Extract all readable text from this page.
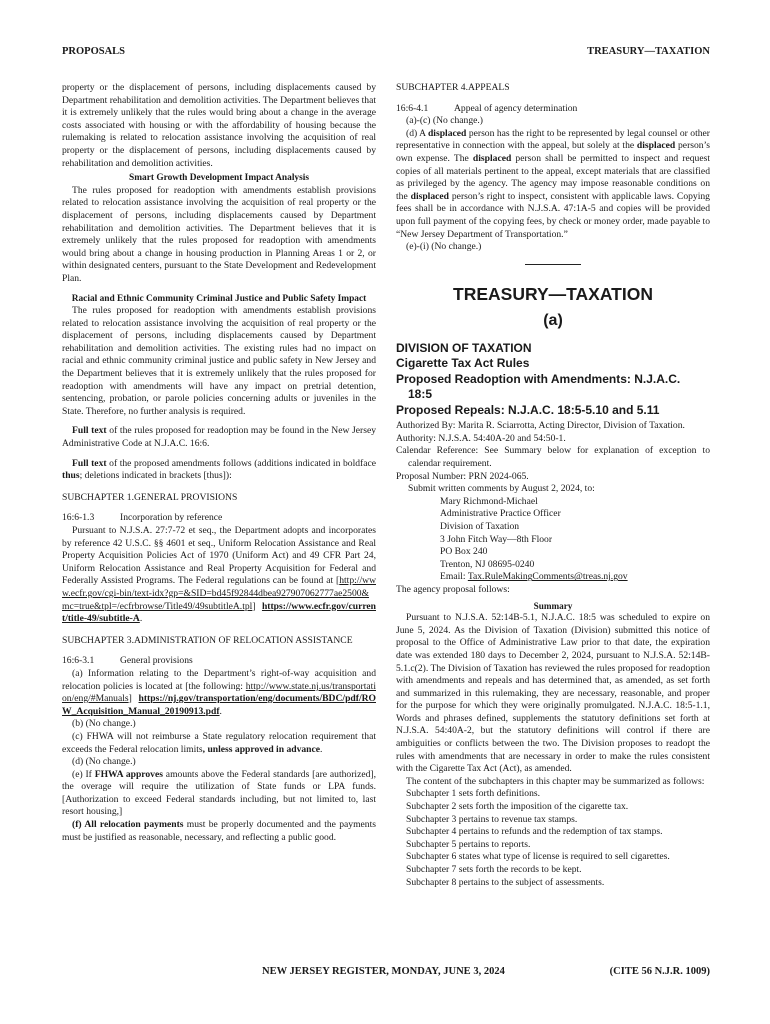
PROPOSALS	TREASURY—TAXATION

property or the displacement of persons, including displacements caused by Department rehabilitation and demolition activities. The Department believes that it is extremely unlikely that the rules would bring about a change in the average costs associated with housing or with the affordability of housing because the rulemaking is related to relocation assistance involving the acquisition of real property or the displacement of persons, including displacements caused by rehabilitation and demolition activities.

Smart Growth Development Impact Analysis

The rules proposed for readoption with amendments establish provisions related to relocation assistance involving the acquisition of real property or the displacement of persons, including displacements caused by Department rehabilitation and demolition activities. The Department believes that it is extremely unlikely that the rules proposed for readoption with amendments would bring about a change in housing production in Planning Areas 1 or 2, or within designated centers, pursuant to the State Development and Redevelopment Plan.

Racial and Ethnic Community Criminal Justice and Public Safety Impact

The rules proposed for readoption with amendments establish provisions related to relocation assistance involving the acquisition of real property or the displacement of persons, including displacements caused by Department rehabilitation and demolition activities. The existing rules had no impact on racial and ethnic community criminal justice and public safety in New Jersey and the Department believes that it is extremely unlikely that the rules proposed for readoption with amendments will have any impact on pretrial detention, sentencing, probation, or parole policies concerning adults or juveniles in the State. Therefore, no further analysis is required.

Full text of the rules proposed for readoption may be found in the New Jersey Administrative Code at N.J.A.C. 16:6.

Full text of the proposed amendments follows (additions indicated in boldface thus; deletions indicated in brackets [thus]):

SUBCHAPTER 1.GENERAL PROVISIONS
16:6-1.3	Incorporation by reference

Pursuant to N.J.S.A. 27:7-72 et seq., the Department adopts and incorporates by reference 42 U.S.C. §§ 4601 et seq., Uniform Relocation Assistance and Real Property Acquisition Policies Act of 1970 (Uniform Act) and 49 CFR Part 24, Uniform Relocation Assistance and Real Property Acquisition for Federal and Federally Assisted Programs. The Federal regulations can be found at [http://www.ecfr.gov/cgi-bin/text-idx?gp=&SID=bd45f92844dbea927907062777ae2500&mc=true&tpl=/ecfrbrowse/Title49/49subtitleA.tpl] https://www.ecfr.gov/current/title-49/subtitle-A.

SUBCHAPTER 3.ADMINISTRATION OF RELOCATION ASSISTANCE
16:6-3.1	General provisions

(a) Information relating to the Department’s right-of-way acquisition and relocation policies is located at [the following: http://www.state.nj.us/transportation/eng/#Manuals] https://nj.gov/transportation/eng/documents/BDC/pdf/ROW_Acquisition_Manual_20190913.pdf.

(b) (No change.)

(c) FHWA will not reimburse a State regulatory relocation requirement that exceeds the Federal relocation limits, unless approved in advance.

(d) (No change.)

(e) If FHWA approves amounts above the Federal standards [are authorized], the overage will require the utilization of State funds or LPA funds. [Authorization to exceed Federal standards including, but not limited to, last resort housing,]

(f) All relocation payments must be properly documented and the payments must be justified as reasonable, necessary, and reflecting a public good.

SUBCHAPTER 4.APPEALS
16:6-4.1	Appeal of agency determination

(a)-(c) (No change.)

(d) A displaced person has the right to be represented by legal counsel or other representative in connection with the appeal, but solely at the displaced person’s own expense. The displaced person shall be permitted to inspect and request copies of all materials pertinent to the appeal, except materials that are classified as privileged by the agency. The agency may impose reasonable conditions on the displaced person’s right to inspect, consistent with applicable laws. Copying fees shall be in accordance with N.J.S.A. 47:1A-5 and copies will be provided upon full payment of the copying fees, by check or money order, made payable to “New Jersey Department of Transportation.”

(e)-(i) (No change.)

TREASURY—TAXATION
(a)
DIVISION OF TAXATION
Cigarette Tax Act Rules
Proposed Readoption with Amendments: N.J.A.C.
18:5
Proposed Repeals: N.J.A.C. 18:5-5.10 and 5.11

Authorized By: Marita R. Sciarrotta, Acting Director, Division of Taxation.

Authority: N.J.S.A. 54:40A-20 and 54:50-1.

Calendar Reference: See Summary below for explanation of exception to calendar requirement.

Proposal Number: PRN 2024-065.

Submit written comments by August 2, 2024, to:

Mary Richmond-Michael
Administrative Practice Officer
Division of Taxation
3 John Fitch Way—8th Floor
PO Box 240
Trenton, NJ 08695-0240
Email: Tax.RuleMakingComments@treas.nj.gov

The agency proposal follows:

Summary

Pursuant to N.J.S.A. 52:14B-5.1, N.J.A.C. 18:5 was scheduled to expire on June 5, 2024. As the Division of Taxation (Division) submitted this notice of proposal to the Office of Administrative Law prior to that date, the expiration date was extended 180 days to December 2, 2024, pursuant to N.J.S.A. 52:14B-5.1.c(2). The Division of Taxation has reviewed the rules proposed for readoption with amendments and repeals and has determined that, as amended, as set forth and summarized in this rulemaking, they are necessary, reasonable, and proper for the purpose for which they were originally promulgated. N.J.A.C. 18:5-1.1, Words and phrases defined, supplements the statutory definitions set forth at N.J.S.A. 54:40A-2, but the statutory definitions will control if there are ambiguities or conflicts between the two. The Division proposes to readopt the rules with amendments that are necessary in order to make the rules consistent with the Cigarette Tax Act (Act), as amended.

The content of the subchapters in this chapter may be summarized as follows:

Subchapter 1 sets forth definitions.

Subchapter 2 sets forth the imposition of the cigarette tax.

Subchapter 3 pertains to revenue tax stamps.

Subchapter 4 pertains to refunds and the redemption of tax stamps.

Subchapter 5 pertains to reports.

Subchapter 6 states what type of license is required to sell cigarettes.

Subchapter 7 sets forth the records to be kept.

Subchapter 8 pertains to the subject of assessments.

NEW JERSEY REGISTER, MONDAY, JUNE 3, 2024	(CITE 56 N.J.R. 1009)
